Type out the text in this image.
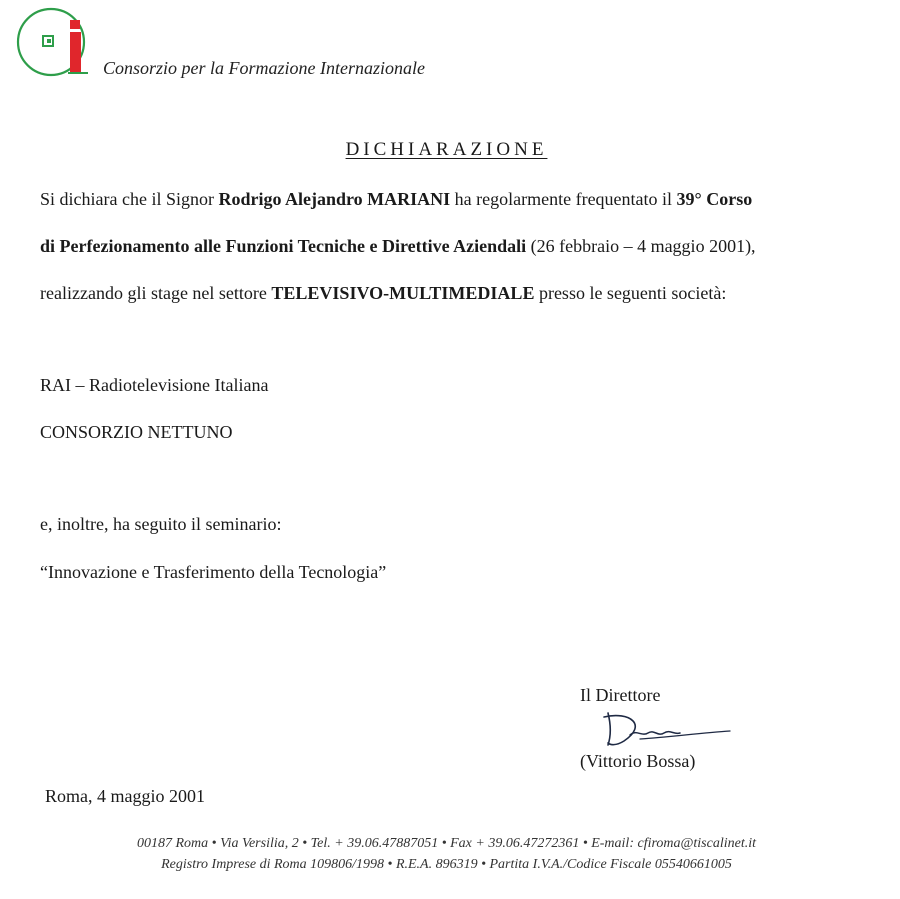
Consorzio per la Formazione Internazionale
DICHIARAZIONE
Si dichiara che il Signor Rodrigo Alejandro MARIANI ha regolarmente frequentato il 39° Corso
di Perfezionamento alle Funzioni Tecniche e Direttive Aziendali (26 febbraio – 4 maggio 2001),
realizzando gli stage nel settore TELEVISIVO-MULTIMEDIALE presso le seguenti società:
RAI – Radiotelevisione Italiana
CONSORZIO NETTUNO
e, inoltre, ha seguito il seminario:
“Innovazione e Trasferimento della Tecnologia”
Il Direttore
(Vittorio Bossa)
Roma, 4 maggio 2001
00187 Roma • Via Versilia, 2 • Tel. + 39.06.47887051 • Fax + 39.06.47272361 • E-mail: cfiroma@tiscalinet.it
Registro Imprese di Roma 109806/1998 • R.E.A. 896319 • Partita I.V.A./Codice Fiscale 05540661005
